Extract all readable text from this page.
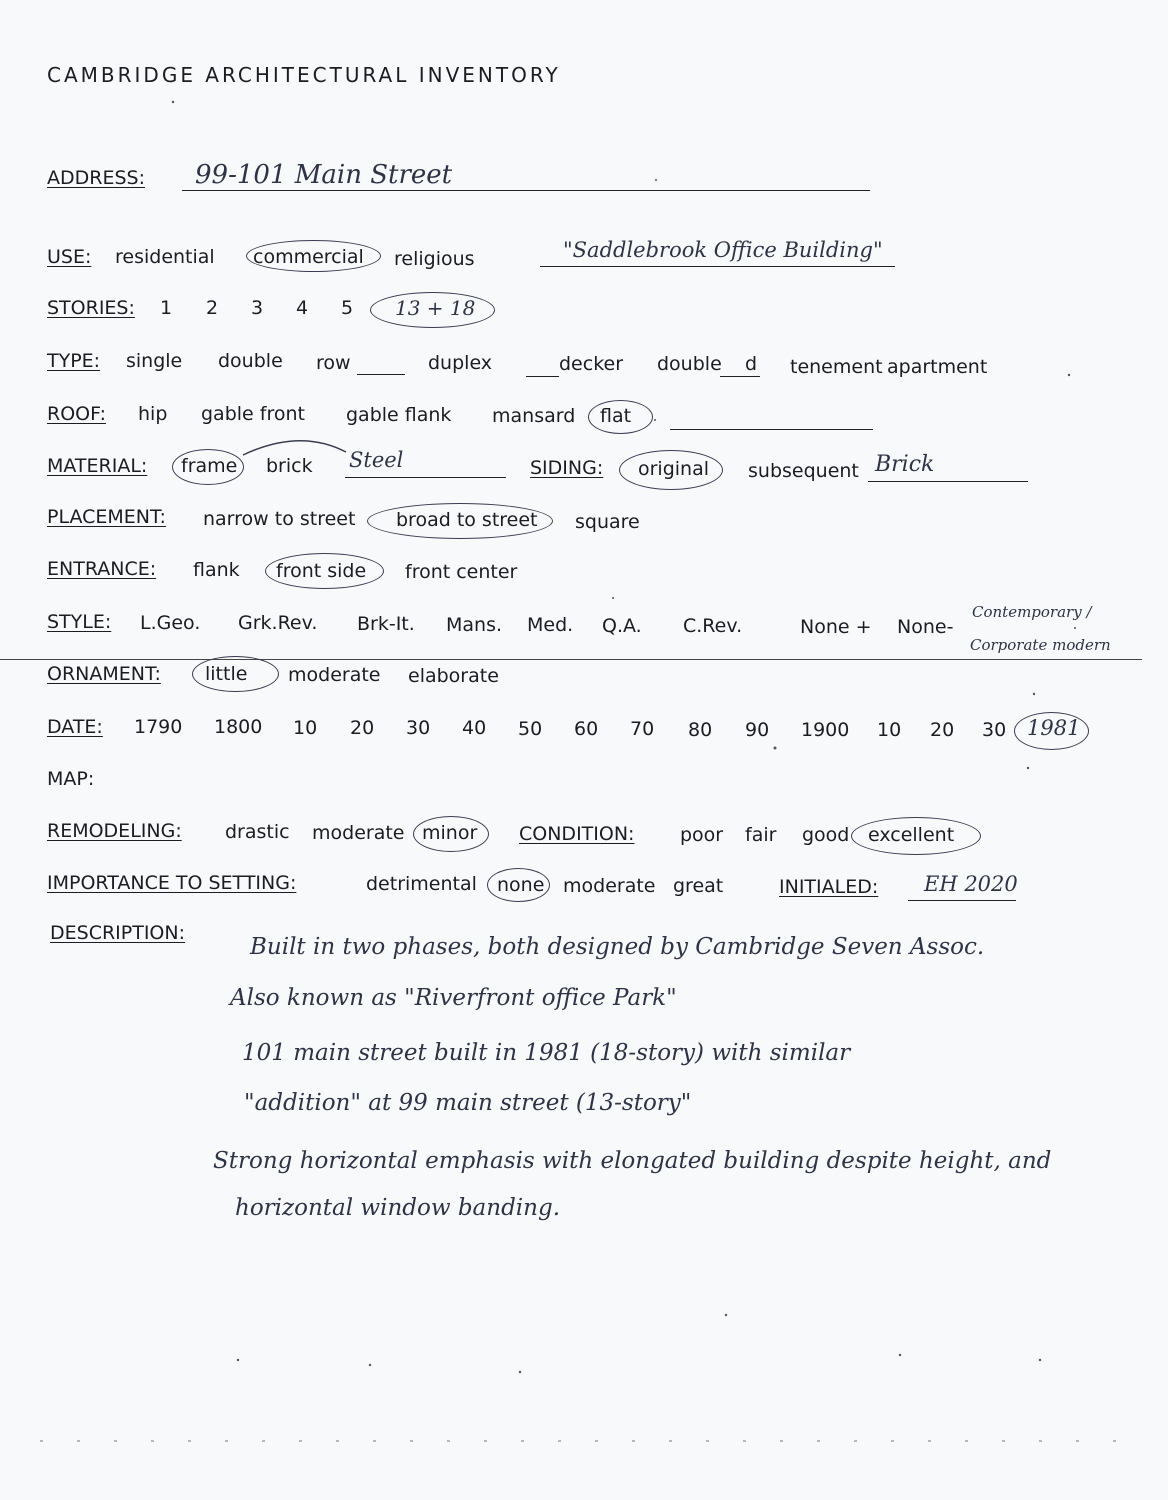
CAMBRIDGE ARCHITECTURAL INVENTORY
ADDRESS: 99-101 Main Street
USE: residential commercial religious	"Saddlebrook Office Building"
STORIES: 1 2 3 4 5 13 + 18
TYPE: single double row	duplex	decker double d tenement apartment
ROOF: hip gable front gable flank mansard flat
MATERIAL: frame brick Steel	SIDING: original subsequent Brick
PLACEMENT: narrow to street broad to street square
ENTRANCE: flank front side front center
STYLE: L.Geo. Grk.Rev. Brk-It. Mans. Med. Q.A. C.Rev.	None + None-
Contemporary /
Corporate modern
ORNAMENT: little moderate elaborate
DATE: 1790 1800 10 20 30 40 50 60 70 80 90 1900 10 20 30 1981
MAP:
REMODELING: drastic moderate minor CONDITION: poor fair good excellent
IMPORTANCE TO SETTING:	detrimental none moderate great	INITIALED: EH 2020
DESCRIPTION:
Built in two phases, both designed by Cambridge Seven Assoc.
Also known as "Riverfront office Park"
101 main street built in 1981 (18-story) with similar
"addition" at 99 main street (13-story"
Strong horizontal emphasis with elongated building despite height, and
horizontal window banding.
